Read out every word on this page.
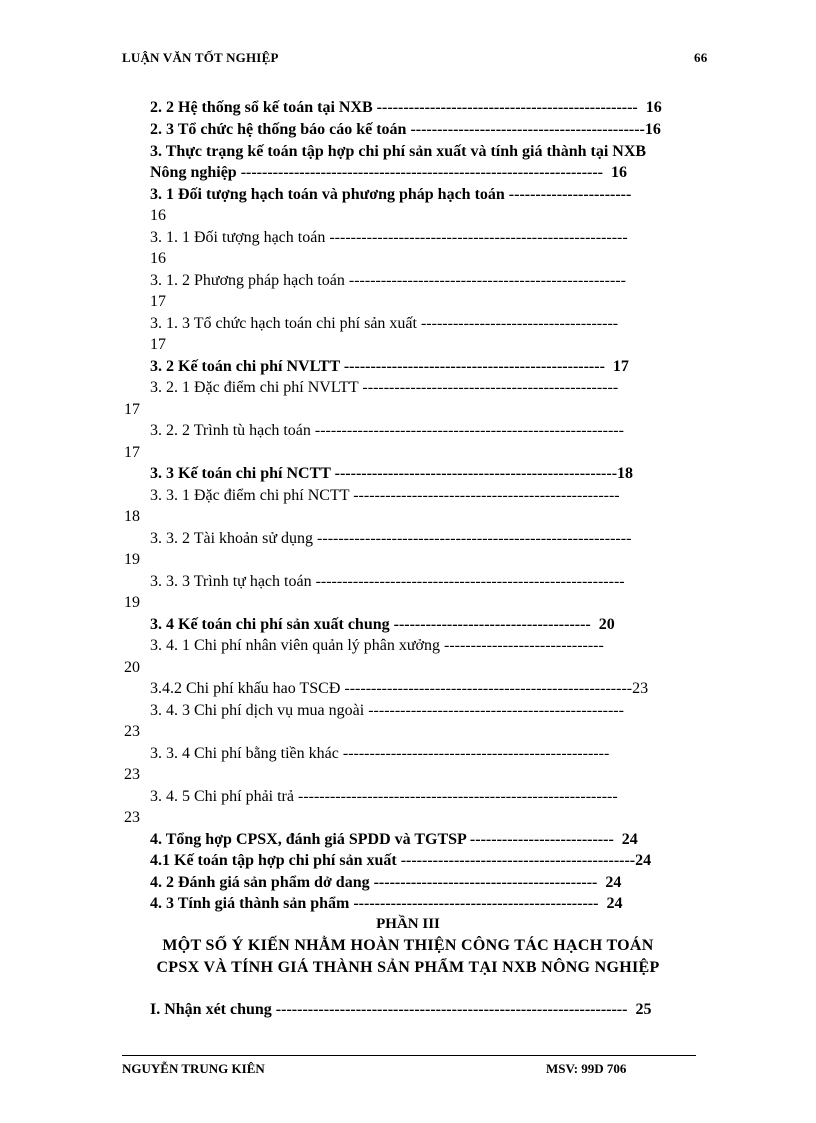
LUẬN VĂN TỐT NGHIỆP	66
2. 2 Hệ thống sổ kế toán tại NXB -------------------------------------------------  16
2. 3 Tổ chức hệ thống báo cáo kế toán --------------------------------------------16
3. Thực trạng kế toán tập hợp chi phí sản xuất và tính giá thành tại NXB
Nông nghiệp --------------------------------------------------------------------  16
3. 1 Đối tượng hạch toán và phương pháp hạch toán -----------------------
16
3. 1. 1 Đối tượng hạch toán --------------------------------------------------------
16
3. 1. 2 Phương pháp hạch toán ----------------------------------------------------
17
3. 1. 3 Tổ chức hạch toán chi phí sản xuất -------------------------------------
17
3. 2 Kế toán chi phí NVLTT -------------------------------------------------  17
3. 2. 1 Đặc điểm chi phí NVLTT ------------------------------------------------
17
3. 2. 2 Trình tù hạch toán ----------------------------------------------------------
17
3. 3 Kế toán chi phí NCTT -----------------------------------------------------18
3. 3. 1 Đặc điểm chi phí NCTT --------------------------------------------------
18
3. 3. 2 Tài khoản sử dụng -----------------------------------------------------------
19
3. 3. 3 Trình tự hạch toán ----------------------------------------------------------
19
3. 4 Kế toán chi phí sản xuất chung -------------------------------------  20
3. 4. 1 Chi phí nhân viên quản lý phân xưởng ------------------------------
20
3.4.2 Chi phí khấu hao TSCĐ ------------------------------------------------------23
3. 4. 3 Chi phí dịch vụ mua ngoài ------------------------------------------------
23
3. 3. 4 Chi phí bằng tiền khác --------------------------------------------------
23
3. 4. 5 Chi phí phải trả ------------------------------------------------------------
23
4. Tổng hợp CPSX, đánh giá SPDD và TGTSP ---------------------------  24
4.1 Kế toán tập hợp chi phí sản xuất --------------------------------------------24
4. 2 Đánh giá sản phẩm dở dang ------------------------------------------  24
4. 3 Tính giá thành sản phẩm ----------------------------------------------  24
PHẦN III
MỘT SỐ Ý KIẾN NHẰM HOÀN THIỆN CÔNG TÁC HẠCH TOÁN
CPSX VÀ TÍNH GIÁ THÀNH SẢN PHẨM TẠI NXB NÔNG NGHIỆP
I. Nhận xét chung ------------------------------------------------------------------  25
NGUYỄN TRUNG KIÊN	MSV: 99D 706
